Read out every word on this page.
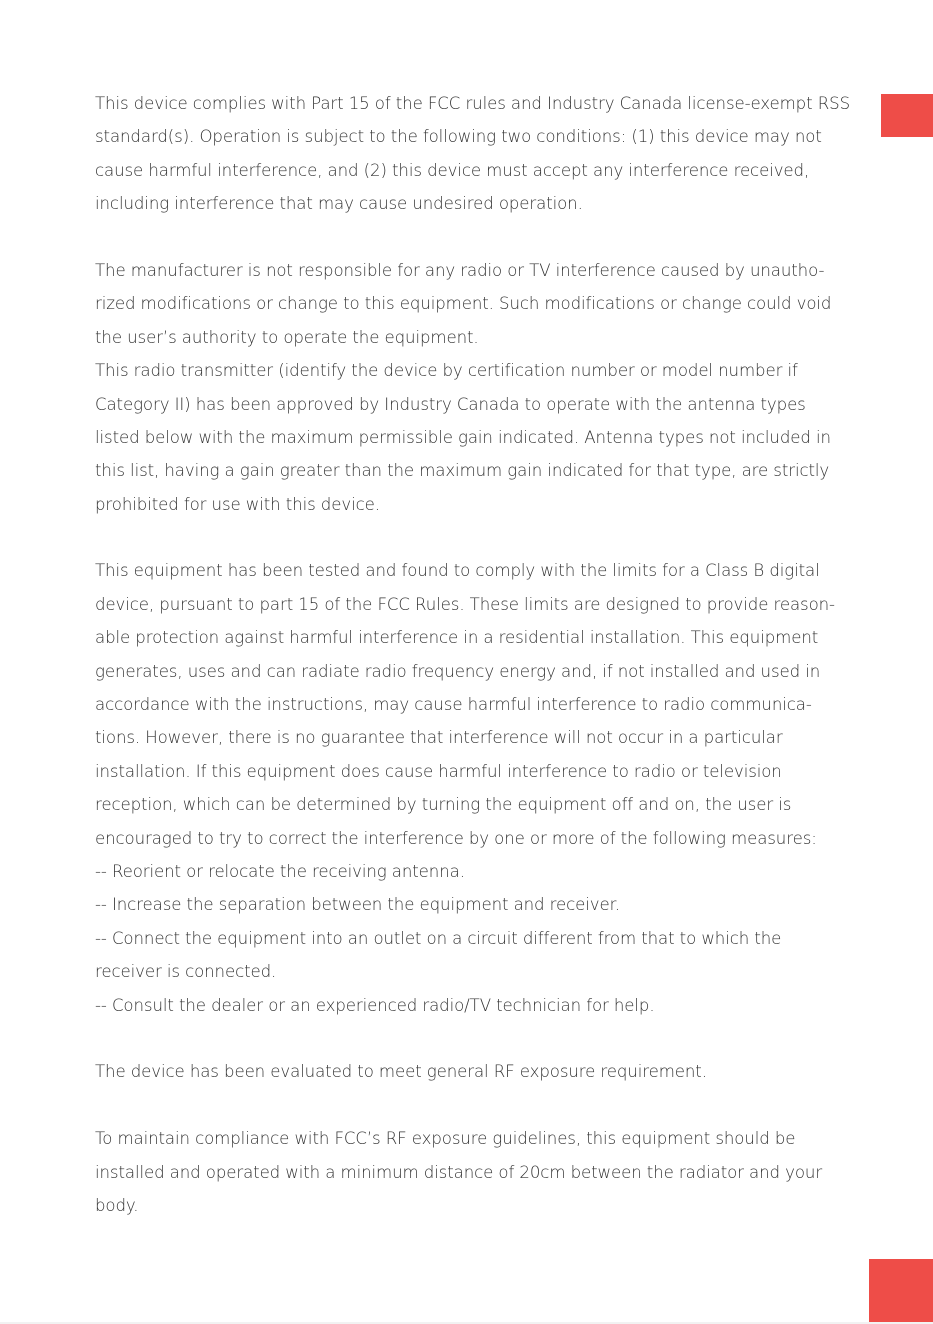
This device complies with Part 15 of the FCC rules and Industry Canada license-exempt RSS
standard(s). Operation is subject to the following two conditions: (1) this device may not
cause harmful interference, and (2) this device must accept any interference received,
including interference that may cause undesired operation.
The manufacturer is not responsible for any radio or TV interference caused by unautho-
rized modifications or change to this equipment. Such modifications or change could void
the user’s authority to operate the equipment.
This radio transmitter (identify the device by certification number or model number if
Category II) has been approved by Industry Canada to operate with the antenna types
listed below with the maximum permissible gain indicated. Antenna types not included in
this list, having a gain greater than the maximum gain indicated for that type, are strictly
prohibited for use with this device.
This equipment has been tested and found to comply with the limits for a Class B digital
device, pursuant to part 15 of the FCC Rules. These limits are designed to provide reason-
able protection against harmful interference in a residential installation. This equipment
generates, uses and can radiate radio frequency energy and, if not installed and used in
accordance with the instructions, may cause harmful interference to radio communica-
tions. However, there is no guarantee that interference will not occur in a particular
installation. If this equipment does cause harmful interference to radio or television
reception, which can be determined by turning the equipment off and on, the user is
encouraged to try to correct the interference by one or more of the following measures:
-- Reorient or relocate the receiving antenna.
-- Increase the separation between the equipment and receiver.
-- Connect the equipment into an outlet on a circuit different from that to which the
receiver is connected.
-- Consult the dealer or an experienced radio/TV technician for help.
The device has been evaluated to meet general RF exposure requirement.
To maintain compliance with FCC’s RF exposure guidelines, this equipment should be
installed and operated with a minimum distance of 20cm between the radiator and your
body.
